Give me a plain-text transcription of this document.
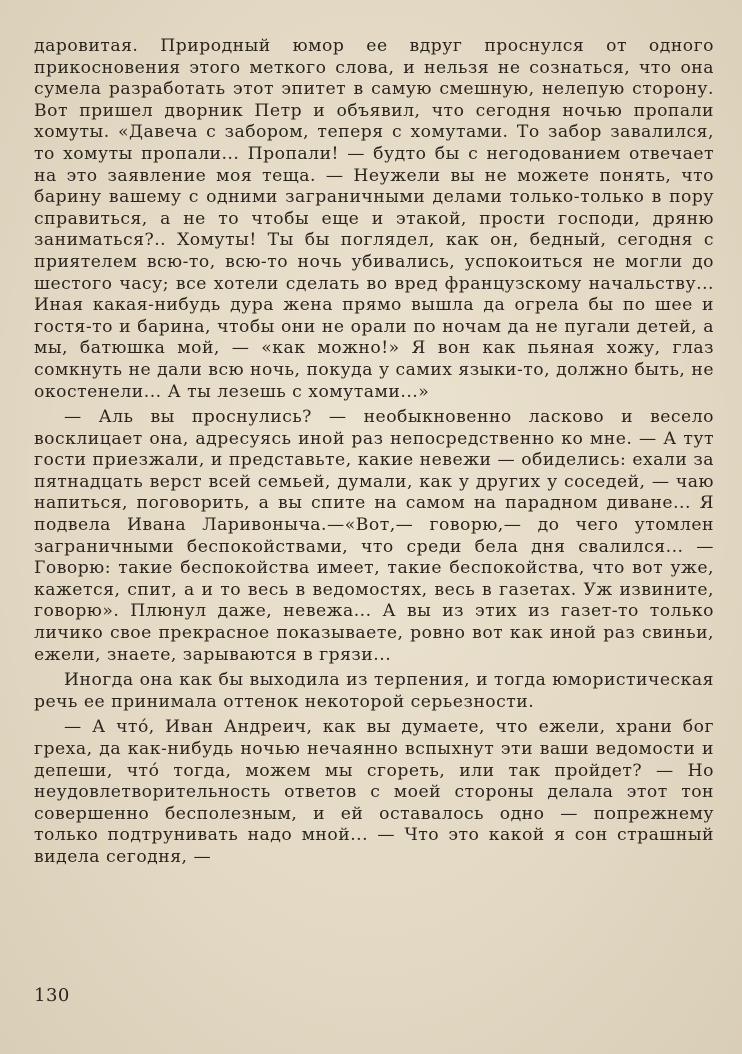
даровитая. Природный юмор ее вдруг проснулся от одного прикосновения этого меткого слова, и нельзя не сознаться, что она сумела разработать этот эпитет в самую смешную, нелепую сторону. Вот пришел дворник Петр и объявил, что сегодня ночью пропали хомуты. «Давеча с забором, теперя с хомутами. То забор завалился, то хомуты пропали... Пропали! — будто бы с негодованием отвечает на это заявление моя теща. — Неужели вы не можете понять, что барину вашему с одними заграничными делами только-только в пору справиться, а не то чтобы еще и этакой, прости господи, дряню заниматься?.. Хомуты! Ты бы поглядел, как он, бедный, сегодня с приятелем всю-то, всю-то ночь убивались, успокоиться не могли до шестого часу; все хотели сделать во вред французскому начальству... Иная какая-нибудь дура жена прямо вышла да огрела бы по шее и гостя-то и барина, чтобы они не орали по ночам да не пугали детей, а мы, батюшка мой, — «как можно!» Я вон как пьяная хожу, глаз сомкнуть не дали всю ночь, покуда у самих языки-то, должно быть, не окостенели... А ты лезешь с хомутами...»

— Аль вы проснулись? — необыкновенно ласково и весело восклицает она, адресуясь иной раз непосредственно ко мне. — А тут гости приезжали, и представьте, какие невежи — обиделись: ехали за пятнадцать верст всей семьей, думали, как у других у соседей, — чаю напиться, поговорить, а вы спите на самом на парадном диване... Я подвела Ивана Ларивоныча.—«Вот,— говорю,— до чего утомлен заграничными беспокойствами, что среди бела дня свалился... — Говорю: такие беспокойства имеет, такие беспокойства, что вот уже, кажется, спит, а и то весь в ведомостях, весь в газетах. Уж извините, говорю». Плюнул даже, невежа... А вы из этих из газет-то только личико свое прекрасное показываете, ровно вот как иной раз свиньи, ежели, знаете, зарываются в грязи...

Иногда она как бы выходила из терпения, и тогда юмористическая речь ее принимала оттенок некоторой серьезности.

— А что́, Иван Андреич, как вы думаете, что ежели, храни бог греха, да как-нибудь ночью нечаянно вспыхнут эти ваши ведомости и депеши, что́ тогда, можем мы сгореть, или так пройдет? — Но неудовлетворительность ответов с моей стороны делала этот тон совершенно бесполезным, и ей оставалось одно — попрежнему только подтрунивать надо мной... — Что это какой я сон страшный видела сегодня, —

130
